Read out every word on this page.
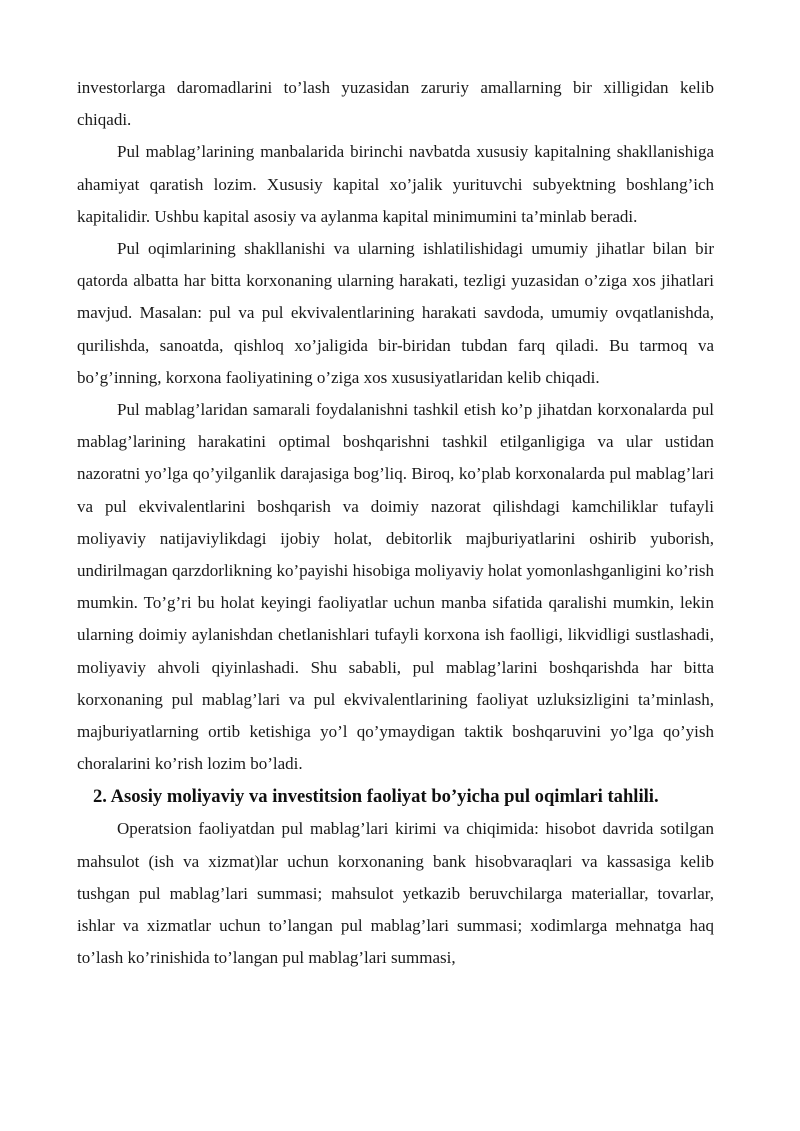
investorlarga daromadlarini to’lash yuzasidan zaruriy amallarning bir xilligidan kelib chiqadi.

Pul mablag’larining manbalarida birinchi navbatda xususiy kapitalning shakllanishiga ahamiyat qaratish lozim. Xususiy kapital xo’jalik yurituvchi subyektning boshlang’ich kapitalidir. Ushbu kapital asosiy va aylanma kapital minimumini ta’minlab beradi.

Pul oqimlarining shakllanishi va ularning ishlatilishidagi umumiy jihatlar bilan bir qatorda albatta har bitta korxonaning ularning harakati, tezligi yuzasidan o’ziga xos jihatlari mavjud. Masalan: pul va pul ekvivalentlarining harakati savdoda, umumiy ovqatlanishda, qurilishda, sanoatda, qishloq xo’jaligida bir-biridan tubdan farq qiladi. Bu tarmoq va bo’g’inning, korxona faoliyatining o’ziga xos xususiyatlaridan kelib chiqadi.

Pul mablag’laridan samarali foydalanishni tashkil etish ko’p jihatdan korxonalarda pul mablag’larining harakatini optimal boshqarishni tashkil etilganligiga va ular ustidan nazoratni yo’lga qo’yilganlik darajasiga bog’liq. Biroq, ko’plab korxonalarda pul mablag’lari va pul ekvivalentlarini boshqarish va doimiy nazorat qilishdagi kamchiliklar tufayli moliyaviy natijaviylikdagi ijobiy holat, debitorlik majburiyatlarini oshirib yuborish, undirilmagan qarzdorlikning ko’payishi hisobiga moliyaviy holat yomonlashganligini ko’rish mumkin. To’g’ri bu holat keyingi faoliyatlar uchun manba sifatida qaralishi mumkin, lekin ularning doimiy aylanishdan chetlanishlari tufayli korxona ish faolligi, likvidligi sustlashadi, moliyaviy ahvoli qiyinlashadi. Shu sababli, pul mablag’larini boshqarishda har bitta korxonaning pul mablag’lari va pul ekvivalentlarining faoliyat uzluksizligini ta’minlash, majburiyatlarning ortib ketishiga yo’l qo’ymaydigan taktik boshqaruvini yo’lga qo’yish choralarini ko’rish lozim bo’ladi.

2. Asosiy moliyaviy va investitsion faoliyat bo’yicha pul oqimlari tahlili.

Operatsion faoliyatdan pul mablag’lari kirimi va chiqimida: hisobot davrida sotilgan mahsulot (ish va xizmat)lar uchun korxonaning bank hisobvaraqlari va kassasiga kelib tushgan pul mablag’lari summasi; mahsulot yetkazib beruvchilarga materiallar, tovarlar, ishlar va xizmatlar uchun to’langan pul mablag’lari summasi; xodimlarga mehnatga haq to’lash ko’rinishida to’langan pul mablag’lari summasi,
